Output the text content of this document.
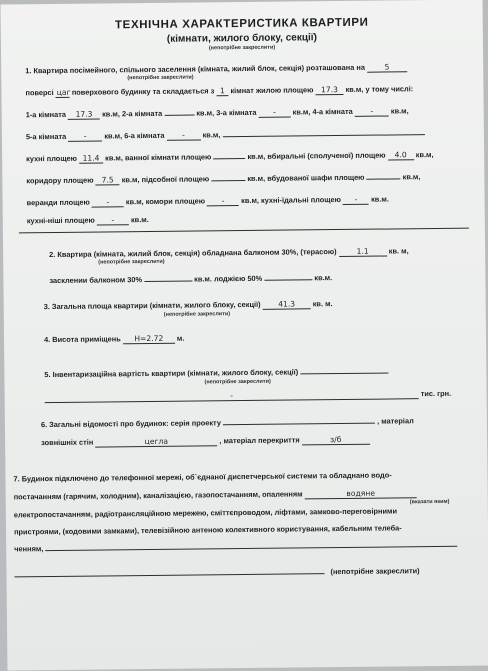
ТЕХНІЧНА ХАРАКТЕРИСТИКА КВАРТИРИ
(кімнати, жилого блоку, секції)
(непотрібне закреслити)
1. Квартира посімейного, спільного заселення (кімната, жилий блок, секція) розташована на	5
(непотрібне закреслити)
поверсі цаг поверхового будинку та складається з 1 кімнат жилою площею 17.3 кв.м, у тому числі:
1-а кімната 17.3 кв.м, 2-а кімната	кв.м, 3-а кімната - кв.м, 4-а кімната - кв.м,
5-а кімната - кв.м, 6-а кімната - кв.м,
кухні площею 11.4 кв.м, ванної кімнати площею	кв.м, вбиральні (сполученої) площею 4.0 кв.м,
коридору площею 7.5 кв.м, підсобної площею	кв.м, вбудованої шафи площею	кв.м,
веранди площею - кв.м, комори площею - кв.м, кухні-їдальні площею - кв.м.
кухні-ніші площею - кв.м.
2. Квартира (кімната, жилий блок, секція) обладнана балконом 30%, (терасою)	1.1	кв. м,
(непотрібне закреслити)
засклении балконом 30%	кв.м. лоджією 50%	кв.м.
3. Загальна площа квартири (кімнати, жилого блоку, секції) 41.3 кв. м.
(непотрібне закреслити)
4. Висота приміщень H=2.72 м.
5. Інвентаризаційна вартість квартири (кімнати, жилого блоку, секції)
(непотрібне закреслити)
-	тис. грн.
6. Загальні відомості про будинок: серія проекту	, матеріал
зовнішніх стін	цегла	, матеріал перекриття	з/б
7. Будинок підключено до телефонної мережі, об`єднаної диспетчерської системи та обладнано водо-
постачанням (гарячим, холодним), каналізацією, газопостачанням, опаленням	водяне
(вказати яким)
електропостачанням, радіотрансляційною мережею, сміттєпроводом, ліфтами, замково-переговірними
пристроями, (кодовими замками), телевізійною антеною колективного користування, кабельним телеба-
ченням,
(непотрібне закреслити)
